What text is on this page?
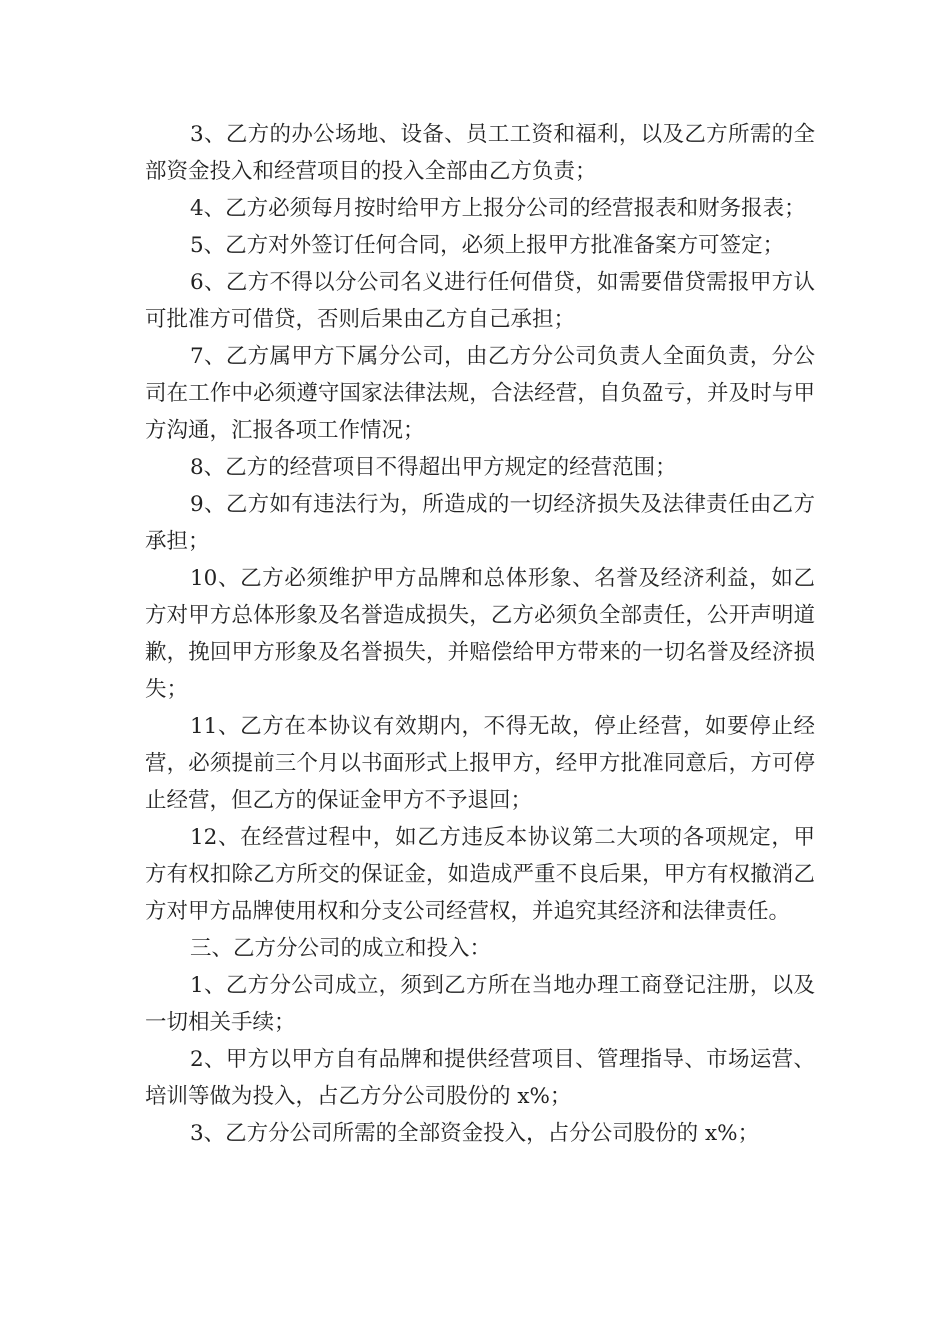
3、乙方的办公场地、设备、员工工资和福利，以及乙方所需的全部资金投入和经营项目的投入全部由乙方负责；

4、乙方必须每月按时给甲方上报分公司的经营报表和财务报表；

5、乙方对外签订任何合同，必须上报甲方批准备案方可签定；

6、乙方不得以分公司名义进行任何借贷，如需要借贷需报甲方认可批准方可借贷，否则后果由乙方自己承担；

7、乙方属甲方下属分公司，由乙方分公司负责人全面负责，分公司在工作中必须遵守国家法律法规，合法经营，自负盈亏，并及时与甲方沟通，汇报各项工作情况；

8、乙方的经营项目不得超出甲方规定的经营范围；

9、乙方如有违法行为，所造成的一切经济损失及法律责任由乙方承担；

10、乙方必须维护甲方品牌和总体形象、名誉及经济利益，如乙方对甲方总体形象及名誉造成损失，乙方必须负全部责任，公开声明道歉，挽回甲方形象及名誉损失，并赔偿给甲方带来的一切名誉及经济损失；

11、乙方在本协议有效期内，不得无故，停止经营，如要停止经营，必须提前三个月以书面形式上报甲方，经甲方批准同意后，方可停止经营，但乙方的保证金甲方不予退回；

12、在经营过程中，如乙方违反本协议第二大项的各项规定，甲方有权扣除乙方所交的保证金，如造成严重不良后果，甲方有权撤消乙方对甲方品牌使用权和分支公司经营权，并追究其经济和法律责任。

三、乙方分公司的成立和投入：

1、乙方分公司成立，须到乙方所在当地办理工商登记注册，以及一切相关手续；

2、甲方以甲方自有品牌和提供经营项目、管理指导、市场运营、培训等做为投入，占乙方分公司股份的 x%；

3、乙方分公司所需的全部资金投入，占分公司股份的 x%；
